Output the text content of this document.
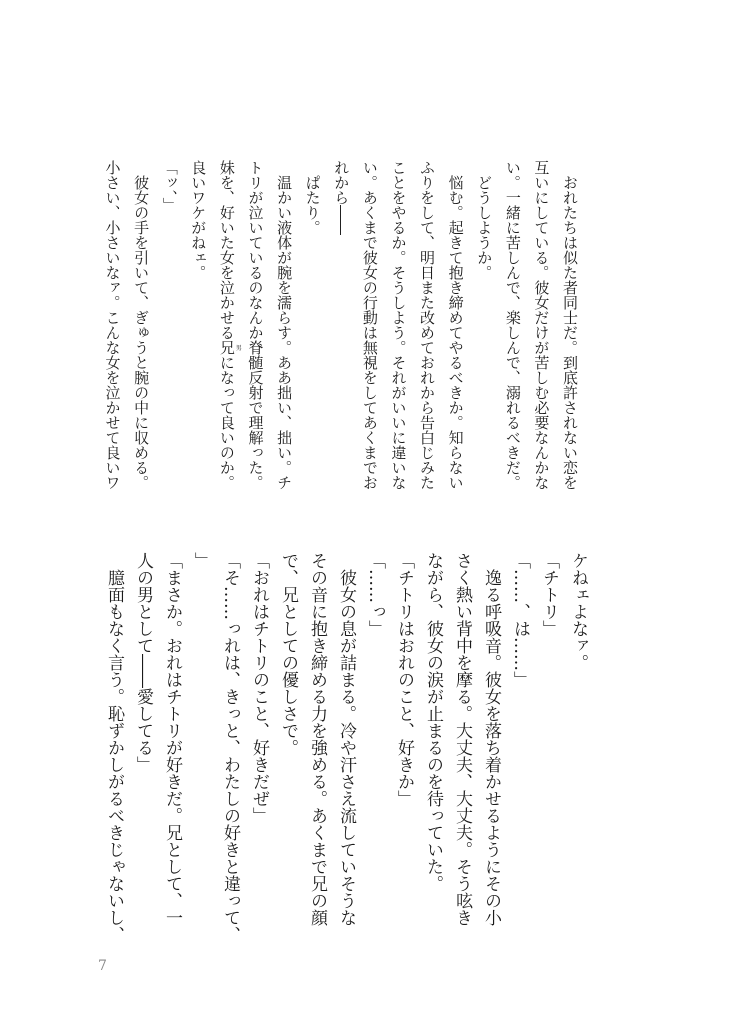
　おれたちは似た者同士だ。到底許されない恋を
互いにしている。彼女だけが苦しむ必要なんかな
い。一緒に苦しんで、楽しんで、溺れるべきだ。
　どうしようか。
　悩む。起きて抱き締めてやるべきか。知らない
ふりをして、明日また改めておれから告白じみた
ことをやるか。そうしよう。それがいいに違いな
い。あくまで彼女の行動は無視をしてあくまでお
れから――
　ぱたり。
　温かい液体が腕を濡らす。ああ拙い、拙い。チ
トリが泣いているのなんか脊髄反射で理解った。
妹を、好いた女を泣かせる兄男になって良いのか。
良いワケがねェ。
「ッ、」
　彼女の手を引いて、ぎゅうと腕の中に収める。
小さい、小さいなァ。こんな女を泣かせて良いワ
ケねェよなァ。
「チトリ」
「……、は……」
　逸る呼吸音。彼女を落ち着かせるようにその小
さく熱い背中を摩る。大丈夫、大丈夫。そう呟き
ながら、彼女の涙が止まるのを待っていた。
「チトリはおれのこと、好きか」
「……っ」
　彼女の息が詰まる。冷や汗さえ流していそうな
その音に抱き締める力を強める。あくまで兄の顔
で、兄としての優しさで。
「おれはチトリのこと、好きだぜ」
「そ……っれは、きっと、わたしの好きと違って、
」
「まさか。おれはチトリが好きだ。兄として、一
人の男として――愛してる」
　臆面もなく言う。恥ずかしがるべきじゃないし、
7
